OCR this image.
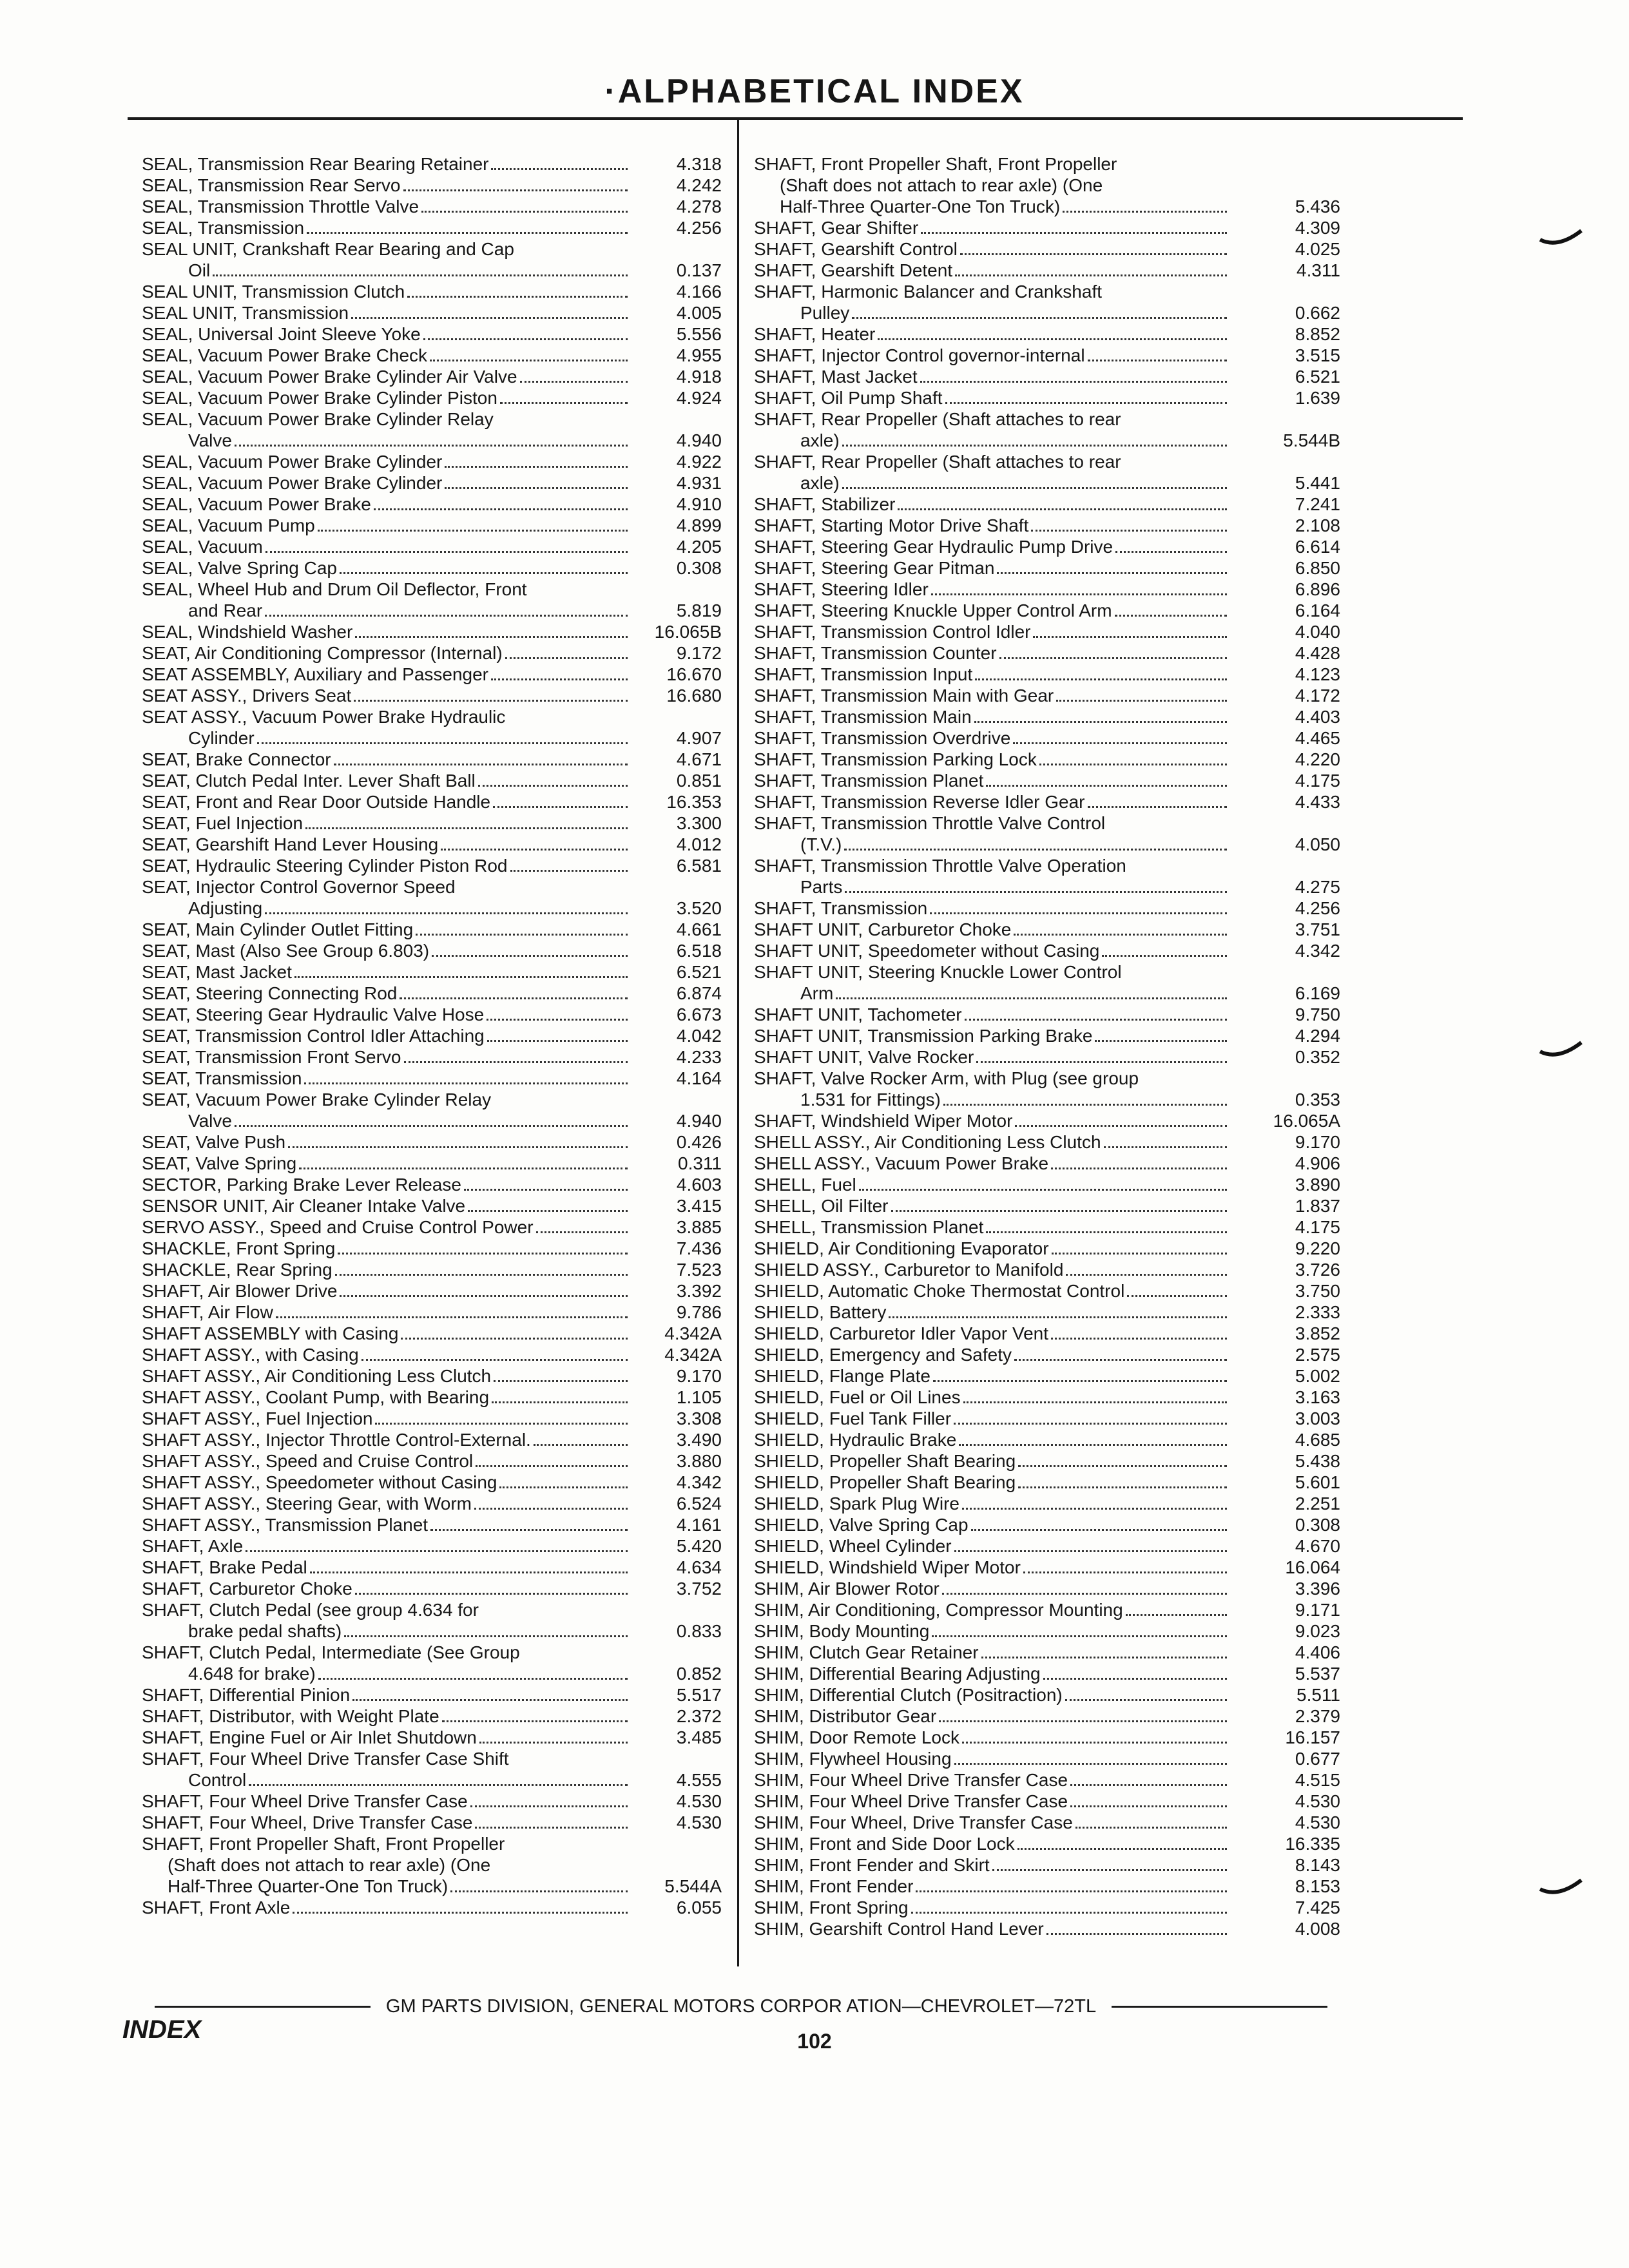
·ALPHABETICAL INDEX
SEAL, Transmission Rear Bearing Retainer	4.318
SEAL, Transmission Rear Servo	4.242
SEAL, Transmission Throttle Valve	4.278
SEAL, Transmission	4.256
SEAL UNIT, Crankshaft Rear Bearing and Cap
Oil	0.137
SEAL UNIT, Transmission Clutch	4.166
SEAL UNIT, Transmission	4.005
SEAL, Universal Joint Sleeve Yoke	5.556
SEAL, Vacuum Power Brake Check	4.955
SEAL, Vacuum Power Brake Cylinder Air Valve	4.918
SEAL, Vacuum Power Brake Cylinder Piston	4.924
SEAL, Vacuum Power Brake Cylinder Relay
Valve	4.940
SEAL, Vacuum Power Brake Cylinder	4.922
SEAL, Vacuum Power Brake Cylinder	4.931
SEAL, Vacuum Power Brake	4.910
SEAL, Vacuum Pump	4.899
SEAL, Vacuum	4.205
SEAL, Valve Spring Cap	0.308
SEAL, Wheel Hub and Drum Oil Deflector, Front
and Rear	5.819
SEAL, Windshield Washer	16.065B
SEAT, Air Conditioning Compressor (Internal)	9.172
SEAT ASSEMBLY, Auxiliary and Passenger	16.670
SEAT ASSY., Drivers Seat	16.680
SEAT ASSY., Vacuum Power Brake Hydraulic
Cylinder	4.907
SEAT, Brake Connector	4.671
SEAT, Clutch Pedal Inter. Lever Shaft Ball	0.851
SEAT, Front and Rear Door Outside Handle	16.353
SEAT, Fuel Injection	3.300
SEAT, Gearshift Hand Lever Housing	4.012
SEAT, Hydraulic Steering Cylinder Piston Rod	6.581
SEAT, Injector Control Governor Speed
Adjusting	3.520
SEAT, Main Cylinder Outlet Fitting	4.661
SEAT, Mast (Also See Group 6.803)	6.518
SEAT, Mast Jacket	6.521
SEAT, Steering Connecting Rod	6.874
SEAT, Steering Gear Hydraulic Valve Hose	6.673
SEAT, Transmission Control Idler Attaching	4.042
SEAT, Transmission Front Servo	4.233
SEAT, Transmission	4.164
SEAT, Vacuum Power Brake Cylinder Relay
Valve	4.940
SEAT, Valve Push	0.426
SEAT, Valve Spring	0.311
SECTOR, Parking Brake Lever Release	4.603
SENSOR UNIT, Air Cleaner Intake Valve	3.415
SERVO ASSY., Speed and Cruise Control Power	3.885
SHACKLE, Front Spring	7.436
SHACKLE, Rear Spring	7.523
SHAFT, Air Blower Drive	3.392
SHAFT, Air Flow	9.786
SHAFT ASSEMBLY with Casing	4.342A
SHAFT ASSY., with Casing	4.342A
SHAFT ASSY., Air Conditioning Less Clutch	9.170
SHAFT ASSY., Coolant Pump, with Bearing	1.105
SHAFT ASSY., Fuel Injection	3.308
SHAFT ASSY., Injector Throttle Control-External.	3.490
SHAFT ASSY., Speed and Cruise Control	3.880
SHAFT ASSY., Speedometer without Casing	4.342
SHAFT ASSY., Steering Gear, with Worm	6.524
SHAFT ASSY., Transmission Planet	4.161
SHAFT, Axle	5.420
SHAFT, Brake Pedal	4.634
SHAFT, Carburetor Choke	3.752
SHAFT, Clutch Pedal (see group 4.634 for
brake pedal shafts)	0.833
SHAFT, Clutch Pedal, Intermediate (See Group
4.648 for brake)	0.852
SHAFT, Differential Pinion	5.517
SHAFT, Distributor, with Weight Plate	2.372
SHAFT, Engine Fuel or Air Inlet Shutdown	3.485
SHAFT, Four Wheel Drive Transfer Case Shift
Control	4.555
SHAFT, Four Wheel Drive Transfer Case	4.530
SHAFT, Four Wheel, Drive Transfer Case	4.530
SHAFT, Front Propeller Shaft, Front Propeller
(Shaft does not attach to rear axle) (One
Half-Three Quarter-One Ton Truck)	5.544A
SHAFT, Front Axle	6.055
SHAFT, Front Propeller Shaft, Front Propeller
(Shaft does not attach to rear axle) (One
Half-Three Quarter-One Ton Truck)	5.436
SHAFT, Gear Shifter	4.309
SHAFT, Gearshift Control	4.025
SHAFT, Gearshift Detent	4.311
SHAFT, Harmonic Balancer and Crankshaft
Pulley	0.662
SHAFT, Heater	8.852
SHAFT, Injector Control governor-internal	3.515
SHAFT, Mast Jacket	6.521
SHAFT, Oil Pump Shaft	1.639
SHAFT, Rear Propeller (Shaft attaches to rear
axle)	5.544B
SHAFT, Rear Propeller (Shaft attaches to rear
axle)	5.441
SHAFT, Stabilizer	7.241
SHAFT, Starting Motor Drive Shaft	2.108
SHAFT, Steering Gear Hydraulic Pump Drive	6.614
SHAFT, Steering Gear Pitman	6.850
SHAFT, Steering Idler	6.896
SHAFT, Steering Knuckle Upper Control Arm	6.164
SHAFT, Transmission Control Idler	4.040
SHAFT, Transmission Counter	4.428
SHAFT, Transmission Input	4.123
SHAFT, Transmission Main with Gear	4.172
SHAFT, Transmission Main	4.403
SHAFT, Transmission Overdrive	4.465
SHAFT, Transmission Parking Lock	4.220
SHAFT, Transmission Planet	4.175
SHAFT, Transmission Reverse Idler Gear	4.433
SHAFT, Transmission Throttle Valve Control
(T.V.)	4.050
SHAFT, Transmission Throttle Valve Operation
Parts	4.275
SHAFT, Transmission	4.256
SHAFT UNIT, Carburetor Choke	3.751
SHAFT UNIT, Speedometer without Casing	4.342
SHAFT UNIT, Steering Knuckle Lower Control
Arm	6.169
SHAFT UNIT, Tachometer	9.750
SHAFT UNIT, Transmission Parking Brake	4.294
SHAFT UNIT, Valve Rocker	0.352
SHAFT, Valve Rocker Arm, with Plug (see group
1.531 for Fittings)	0.353
SHAFT, Windshield Wiper Motor	16.065A
SHELL ASSY., Air Conditioning Less Clutch	9.170
SHELL ASSY., Vacuum Power Brake	4.906
SHELL, Fuel	3.890
SHELL, Oil Filter	1.837
SHELL, Transmission Planet	4.175
SHIELD, Air Conditioning Evaporator	9.220
SHIELD ASSY., Carburetor to Manifold	3.726
SHIELD, Automatic Choke Thermostat Control	3.750
SHIELD, Battery	2.333
SHIELD, Carburetor Idler Vapor Vent	3.852
SHIELD, Emergency and Safety	2.575
SHIELD, Flange Plate	5.002
SHIELD, Fuel or Oil Lines	3.163
SHIELD, Fuel Tank Filler	3.003
SHIELD, Hydraulic Brake	4.685
SHIELD, Propeller Shaft Bearing	5.438
SHIELD, Propeller Shaft Bearing	5.601
SHIELD, Spark Plug Wire	2.251
SHIELD, Valve Spring Cap	0.308
SHIELD, Wheel Cylinder	4.670
SHIELD, Windshield Wiper Motor	16.064
SHIM, Air Blower Rotor	3.396
SHIM, Air Conditioning, Compressor Mounting	9.171
SHIM, Body Mounting	9.023
SHIM, Clutch Gear Retainer	4.406
SHIM, Differential Bearing Adjusting	5.537
SHIM, Differential Clutch (Positraction)	5.511
SHIM, Distributor Gear	2.379
SHIM, Door Remote Lock	16.157
SHIM, Flywheel Housing	0.677
SHIM, Four Wheel Drive Transfer Case	4.515
SHIM, Four Wheel Drive Transfer Case	4.530
SHIM, Four Wheel, Drive Transfer Case	4.530
SHIM, Front and Side Door Lock	16.335
SHIM, Front Fender and Skirt	8.143
SHIM, Front Fender	8.153
SHIM, Front Spring	7.425
SHIM, Gearshift Control Hand Lever	4.008
GM PARTS DIVISION, GENERAL MOTORS CORPOR ATION—CHEVROLET—72TL
INDEX	102
